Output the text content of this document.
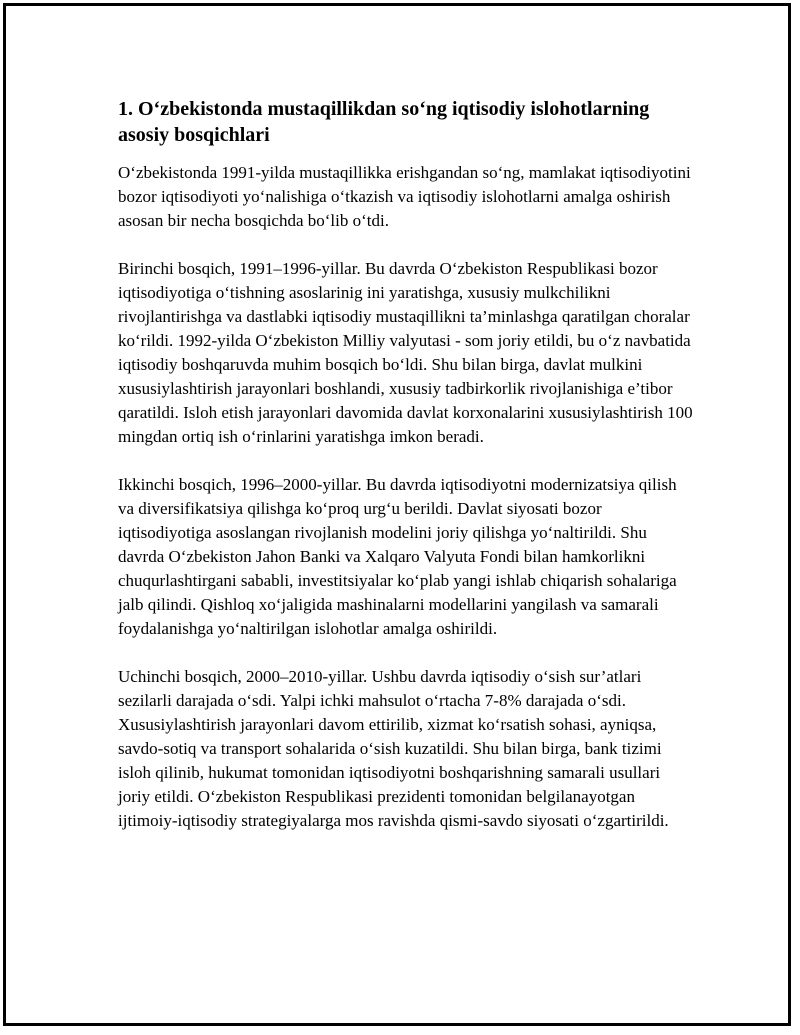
1. O‘zbekistonda mustaqillikdan so‘ng iqtisodiy islohotlarning asosiy bosqichlari

O‘zbekistonda 1991-yilda mustaqillikka erishgandan so‘ng, mamlakat iqtisodiyotini bozor iqtisodiyoti yo‘nalishiga o‘tkazish va iqtisodiy islohotlarni amalga oshirish asosan bir necha bosqichda bo‘lib o‘tdi.

Birinchi bosqich, 1991–1996-yillar. Bu davrda O‘zbekiston Respublikasi bozor iqtisodiyotiga o‘tishning asoslarinig ini yaratishga, xususiy mulkchilikni rivojlantirishga va dastlabki iqtisodiy mustaqillikni ta’minlashga qaratilgan choralar ko‘rildi. 1992-yilda O‘zbekiston Milliy valyutasi - som joriy etildi, bu o‘z navbatida iqtisodiy boshqaruvda muhim bosqich bo‘ldi. Shu bilan birga, davlat mulkini xususiylashtirish jarayonlari boshlandi, xususiy tadbirkorlik rivojlanishiga e’tibor qaratildi. Isloh etish jarayonlari davomida davlat korxonalarini xususiylashtirish 100 mingdan ortiq ish o‘rinlarini yaratishga imkon beradi.

Ikkinchi bosqich, 1996–2000-yillar. Bu davrda iqtisodiyotni modernizatsiya qilish va diversifikatsiya qilishga ko‘proq urg‘u berildi. Davlat siyosati bozor iqtisodiyotiga asoslangan rivojlanish modelini joriy qilishga yo‘naltirildi. Shu davrda O‘zbekiston Jahon Banki va Xalqaro Valyuta Fondi bilan hamkorlikni chuqurlashtirgani sababli, investitsiyalar ko‘plab yangi ishlab chiqarish sohalariga jalb qilindi. Qishloq xo‘jaligida mashinalarni modellarini yangilash va samarali foydalanishga yo‘naltirilgan islohotlar amalga oshirildi.

Uchinchi bosqich, 2000–2010-yillar. Ushbu davrda iqtisodiy o‘sish sur’atlari sezilarli darajada o‘sdi. Yalpi ichki mahsulot o‘rtacha 7-8% darajada o‘sdi. Xususiylashtirish jarayonlari davom ettirilib, xizmat ko‘rsatish sohasi, ayniqsa, savdo-sotiq va transport sohalarida o‘sish kuzatildi. Shu bilan birga, bank tizimi isloh qilinib, hukumat tomonidan iqtisodiyotni boshqarishning samarali usullari joriy etildi. O‘zbekiston Respublikasi prezidenti tomonidan belgilanayotgan ijtimoiy-iqtisodiy strategiyalarga mos ravishda qismi-savdo siyosati o‘zgartirildi.
